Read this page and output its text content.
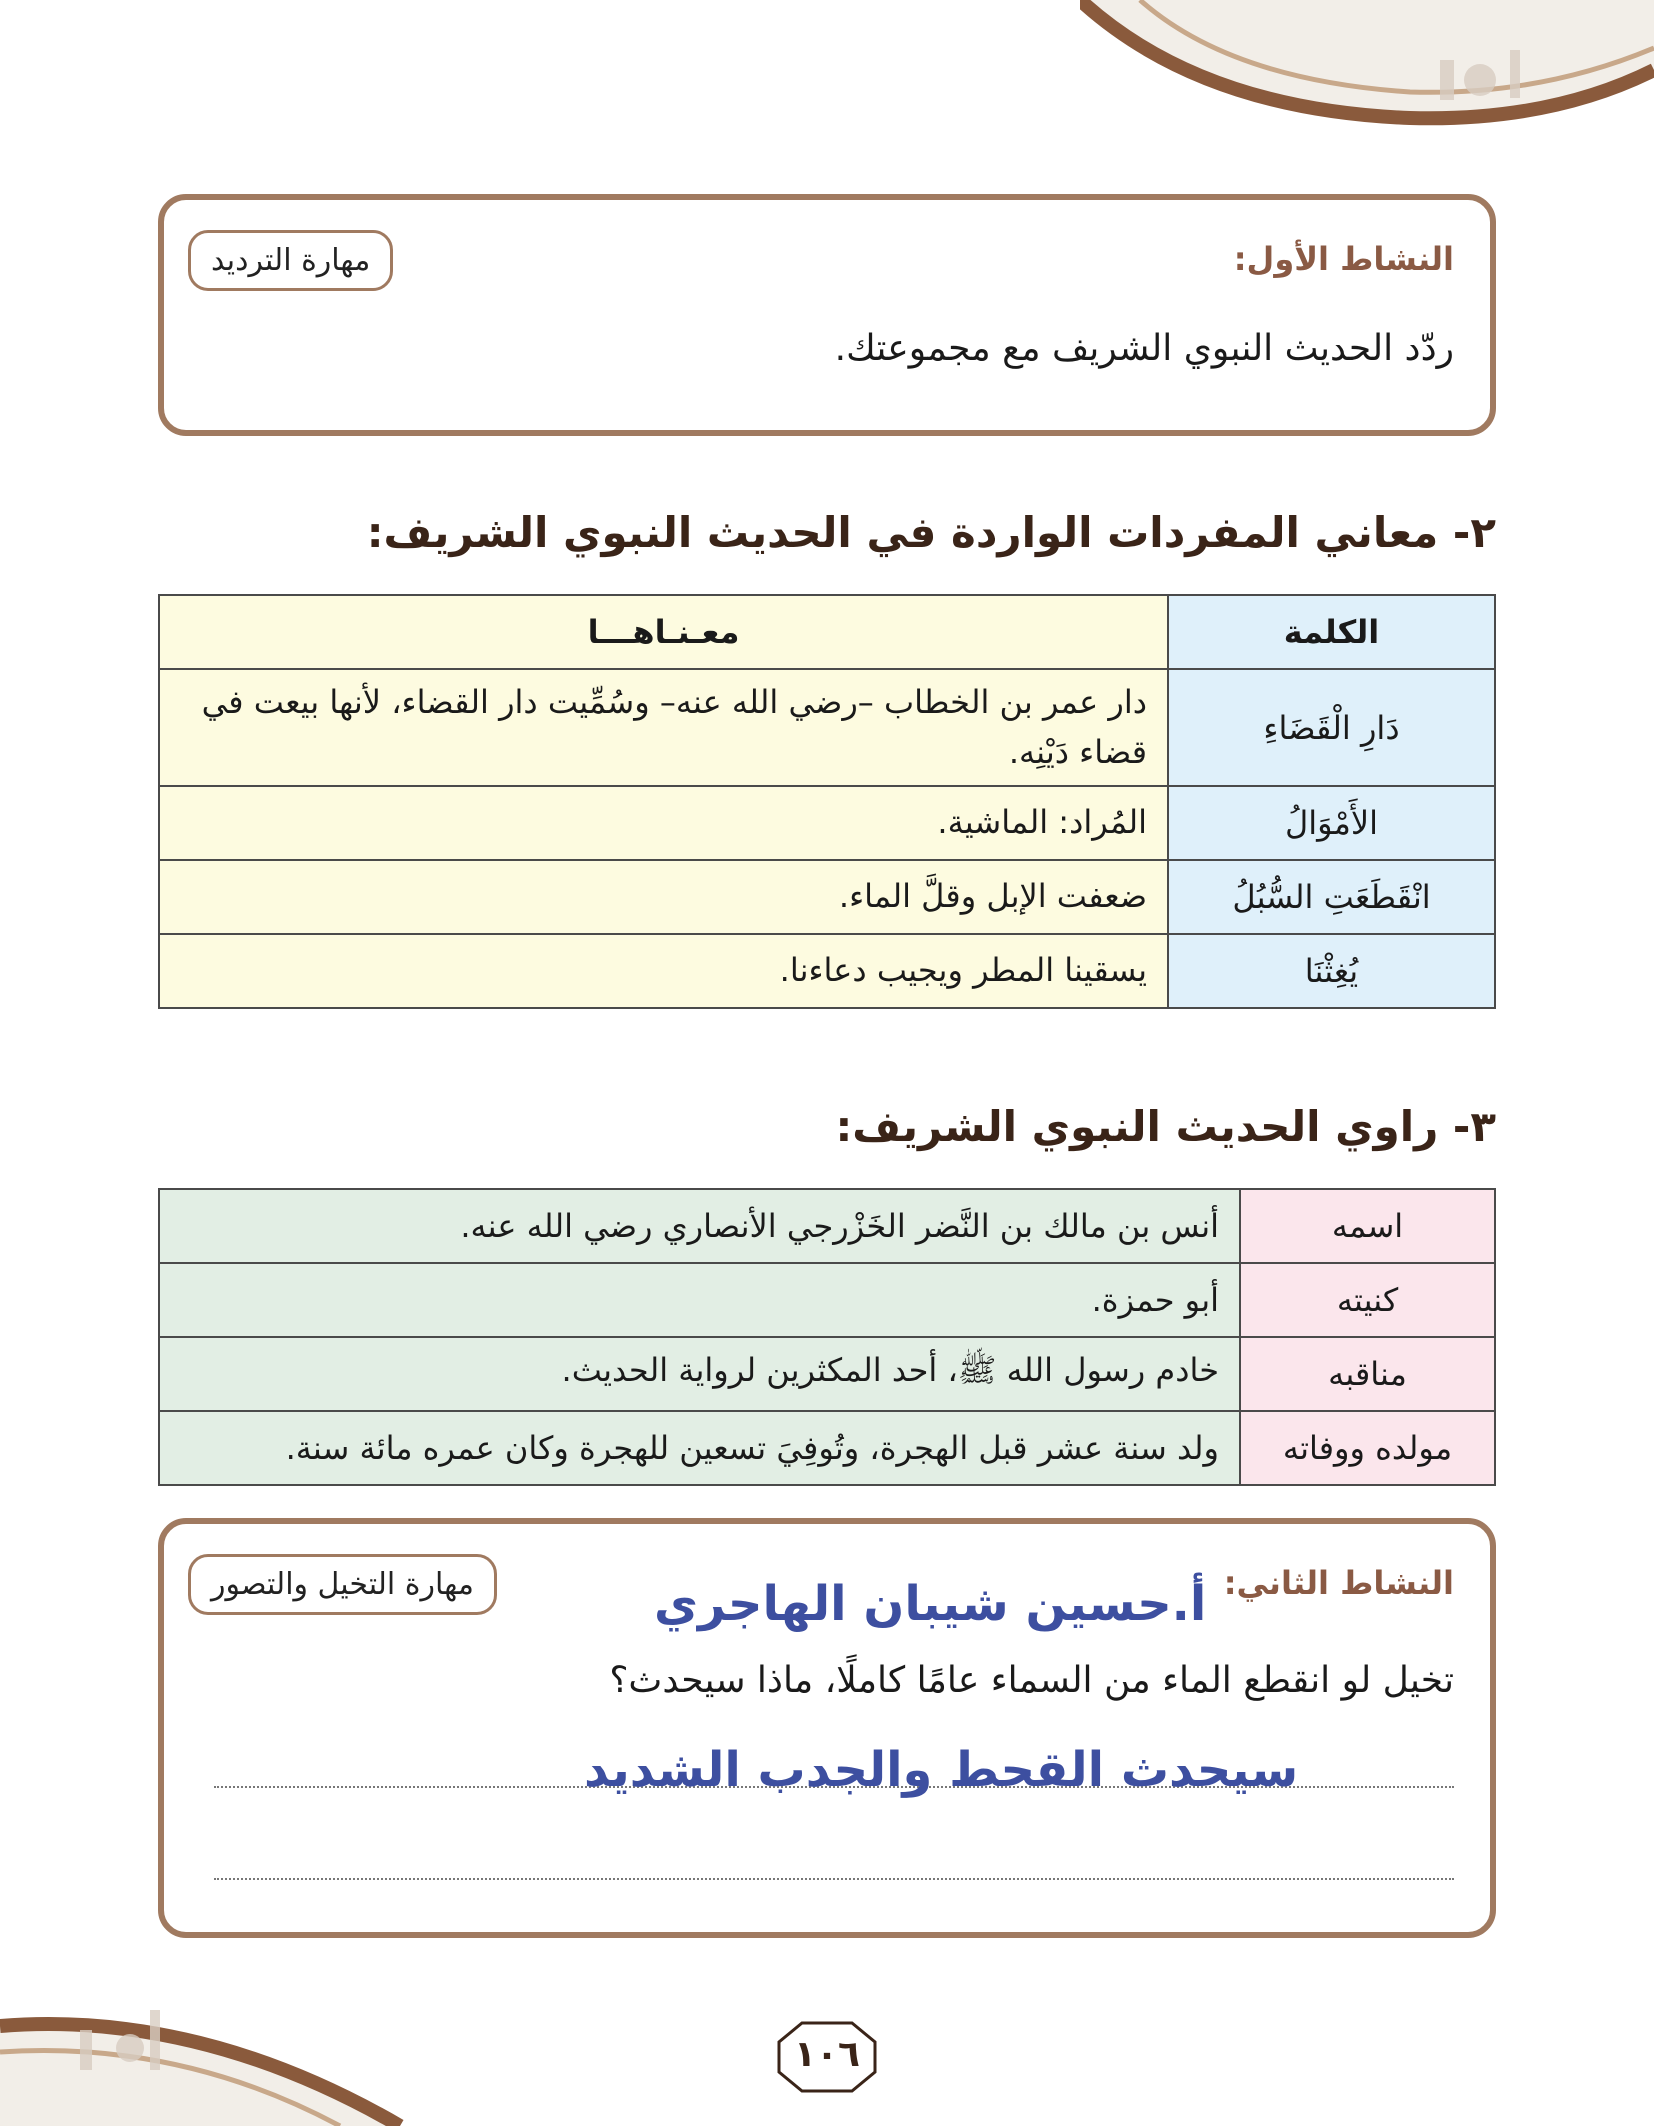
النشاط الأول:
مهارة الترديد
ردّد الحديث النبوي الشريف مع مجموعتك.
٢- معاني المفردات الواردة في الحديث النبوي الشريف:
الكلمة	معـنـاهـــا
دَارِ الْقَضَاءِ	دار عمر بن الخطاب –رضي الله عنه– وسُمِّيت دار القضاء، لأنها بيعت في قضاء دَيْنِه.
الأَمْوَالُ	المُراد: الماشية.
انْقَطَعَتِ السُّبُلُ	ضعفت الإبل وقلَّ الماء.
يُغِثْنَا	يسقينا المطر ويجيب دعاءنا.
٣- راوي الحديث النبوي الشريف:
اسمه	أنس بن مالك بن النَّضر الخَزْرجي الأنصاري رضي الله عنه.
كنيته	أبو حمزة.
مناقبه	خادم رسول الله ﷺ، أحد المكثرين لرواية الحديث.
مولده ووفاته	ولد سنة عشر قبل الهجرة، وتُوفِيَ تسعين للهجرة وكان عمره مائة سنة.
النشاط الثاني:
مهارة التخيل والتصور	أ.حسين شيبان الهاجري
تخيل لو انقطع الماء من السماء عامًا كاملًا، ماذا سيحدث؟
سيحدث القحط والجدب الشديد
١٠٦
